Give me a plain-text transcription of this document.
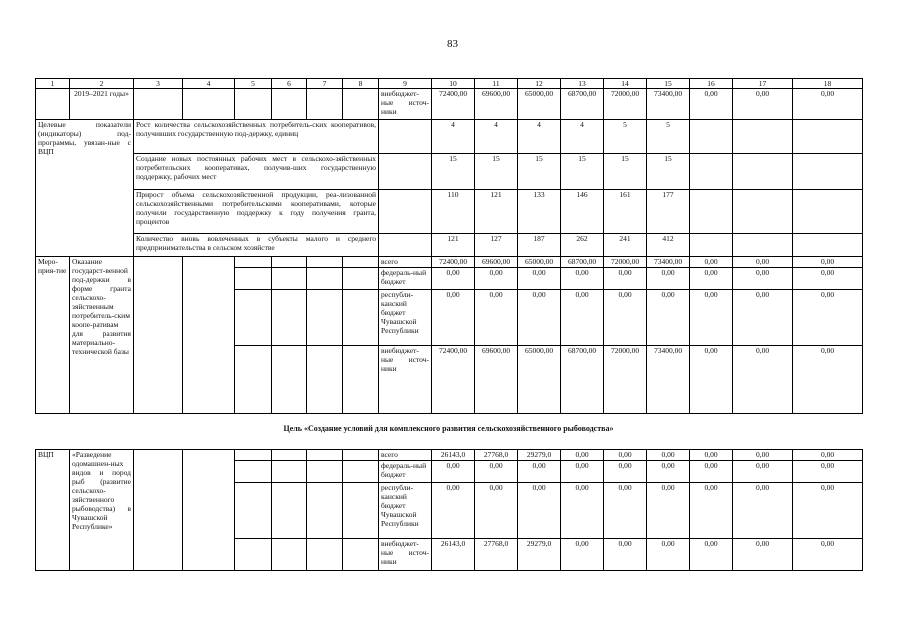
83
1	2	3	4	5	6	7	8	9	10	11	12	13	14	15	16	17	18
	2019–2021 годы»							внебюджет-ные источ-ники	72400,00	69600,00	65000,00	68700,00	72000,00	73400,00	0,00	0,00	0,00
Целевые показатели (индикаторы) под-программы, увязан-ные с ВЦП		Рост количества сельскохозяйственных потребитель-ских кооперативов, получивших государственную под-держку, единиц							4	4	4	4	5	5			
		Создание новых постоянных рабочих мест в сельскохо-зяйственных потребительских кооперативах, получив-ших государственную поддержку, рабочих мест							15	15	15	15	15	15			
		Прирост объема сельскохозяйственной продукции, реа-лизованной сельскохозяйственными потребительскими кооперативами, которые получили государственную поддержку к году получения гранта, процентов							110	121	133	146	161	177			
		Количество вновь вовлеченных в субъекты малого и среднего предпринимательства в сельском хозяйстве							121	127	187	262	241	412			
Меро-прия-тие	Оказание государст-венной под-держки в форме гранта сельскохо-зяйственным потребитель-ским коопе-ративам для развития материально-технической базы							всего	72400,00	69600,00	65000,00	68700,00	72000,00	73400,00	0,00	0,00	0,00
								федераль-ный бюджет	0,00	0,00	0,00	0,00	0,00	0,00	0,00	0,00	0,00
								республи-канский бюджет Чувашской Республики	0,00	0,00	0,00	0,00	0,00	0,00	0,00	0,00	0,00
								внебюджет-ные источ-ники	72400,00	69600,00	65000,00	68700,00	72000,00	73400,00	0,00	0,00	0,00
Цель «Создание условий для комплексного развития сельскохозяйственного рыбоводства»
ВЦП	«Разведение одомашнен-ных видов и пород рыб (развитие сельскохо-зяйственного рыбоводства) в Чувашской Республике»							всего	26143,0	27768,0	29279,0	0,00	0,00	0,00	0,00	0,00	0,00
								федераль-ный бюджет	0,00	0,00	0,00	0,00	0,00	0,00	0,00	0,00	0,00
								республи-канский бюджет Чувашской Республики	0,00	0,00	0,00	0,00	0,00	0,00	0,00	0,00	0,00
								внебюджет-ные источ-ники	26143,0	27768,0	29279,0	0,00	0,00	0,00	0,00	0,00	0,00
